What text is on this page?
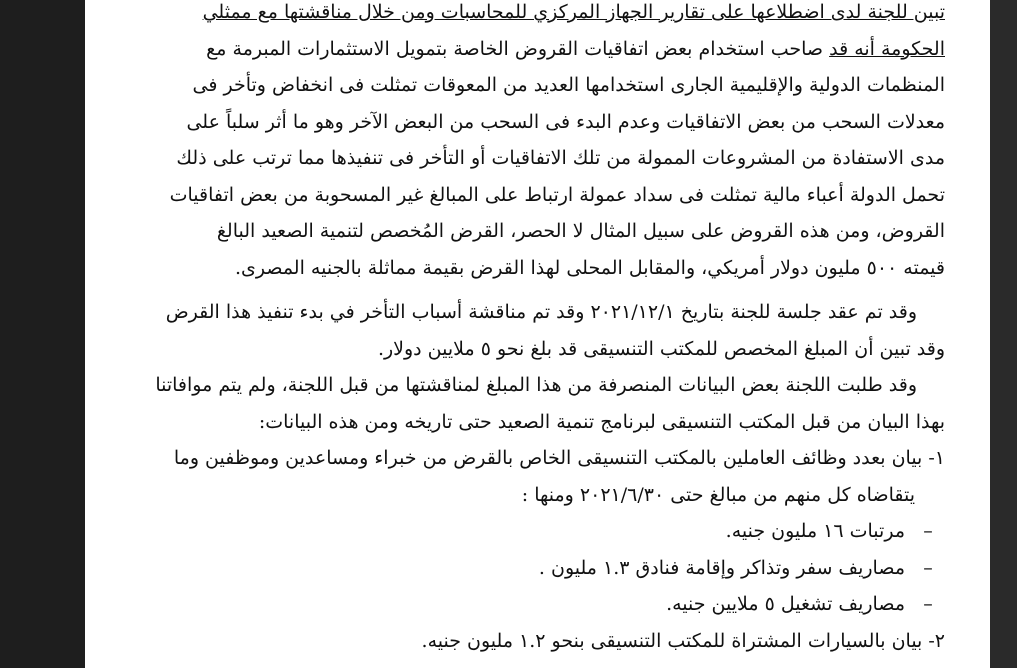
تبين للجنة لدى اضطلاعها على تقارير الجهاز المركزي للمحاسبات ومن خلال مناقشتها مع ممثلي
الحكومة أنه قد صاحب استخدام بعض اتفاقيات القروض الخاصة بتمويل الاستثمارات المبرمة مع
المنظمات الدولية والإقليمية الجارى استخدامها العديد من المعوقات تمثلت فى انخفاض وتأخر فى
معدلات السحب من بعض الاتفاقيات وعدم البدء فى السحب من البعض الآخر وهو ما أثر سلباً على
مدى الاستفادة من المشروعات الممولة من تلك الاتفاقيات أو التأخر فى تنفيذها مما ترتب على ذلك
تحمل الدولة أعباء مالية تمثلت فى سداد عمولة ارتباط على المبالغ غير المسحوبة من بعض اتفاقيات
القروض، ومن هذه القروض على سبيل المثال لا الحصر، القرض المُخصص لتنمية الصعيد البالغ
قيمته ٥٠٠ مليون دولار أمريكي، والمقابل المحلى لهذا القرض بقيمة مماثلة بالجنيه المصرى.

وقد تم عقد جلسة للجنة بتاريخ ٢٠٢١/١٢/١ وقد تم مناقشة أسباب التأخر في بدء تنفيذ هذا القرض
وقد تبين أن المبلغ المخصص للمكتب التنسيقى قد بلغ نحو ٥ ملايين دولار.

وقد طلبت اللجنة بعض البيانات المنصرفة من هذا المبلغ لمناقشتها من قبل اللجنة، ولم يتم موافاتنا
بهذا البيان من قبل المكتب التنسيقى لبرنامج تنمية الصعيد حتى تاريخه ومن هذه البيانات:

١-
بيان بعدد وظائف العاملين بالمكتب التنسيقى الخاص بالقرض من خبراء ومساعدين وموظفين وما
يتقاضاه كل منهم من مبالغ حتى ٢٠٢١/٦/٣٠ ومنها :
–
مرتبات ١٦ مليون جنيه.
–
مصاريف سفر وتذاكر وإقامة فنادق ١.٣ مليون .
–
مصاريف تشغيل ٥ ملايين جنيه.
٢-
بيان بالسيارات المشتراة للمكتب التنسيقى بنحو ١.٢ مليون جنيه.
